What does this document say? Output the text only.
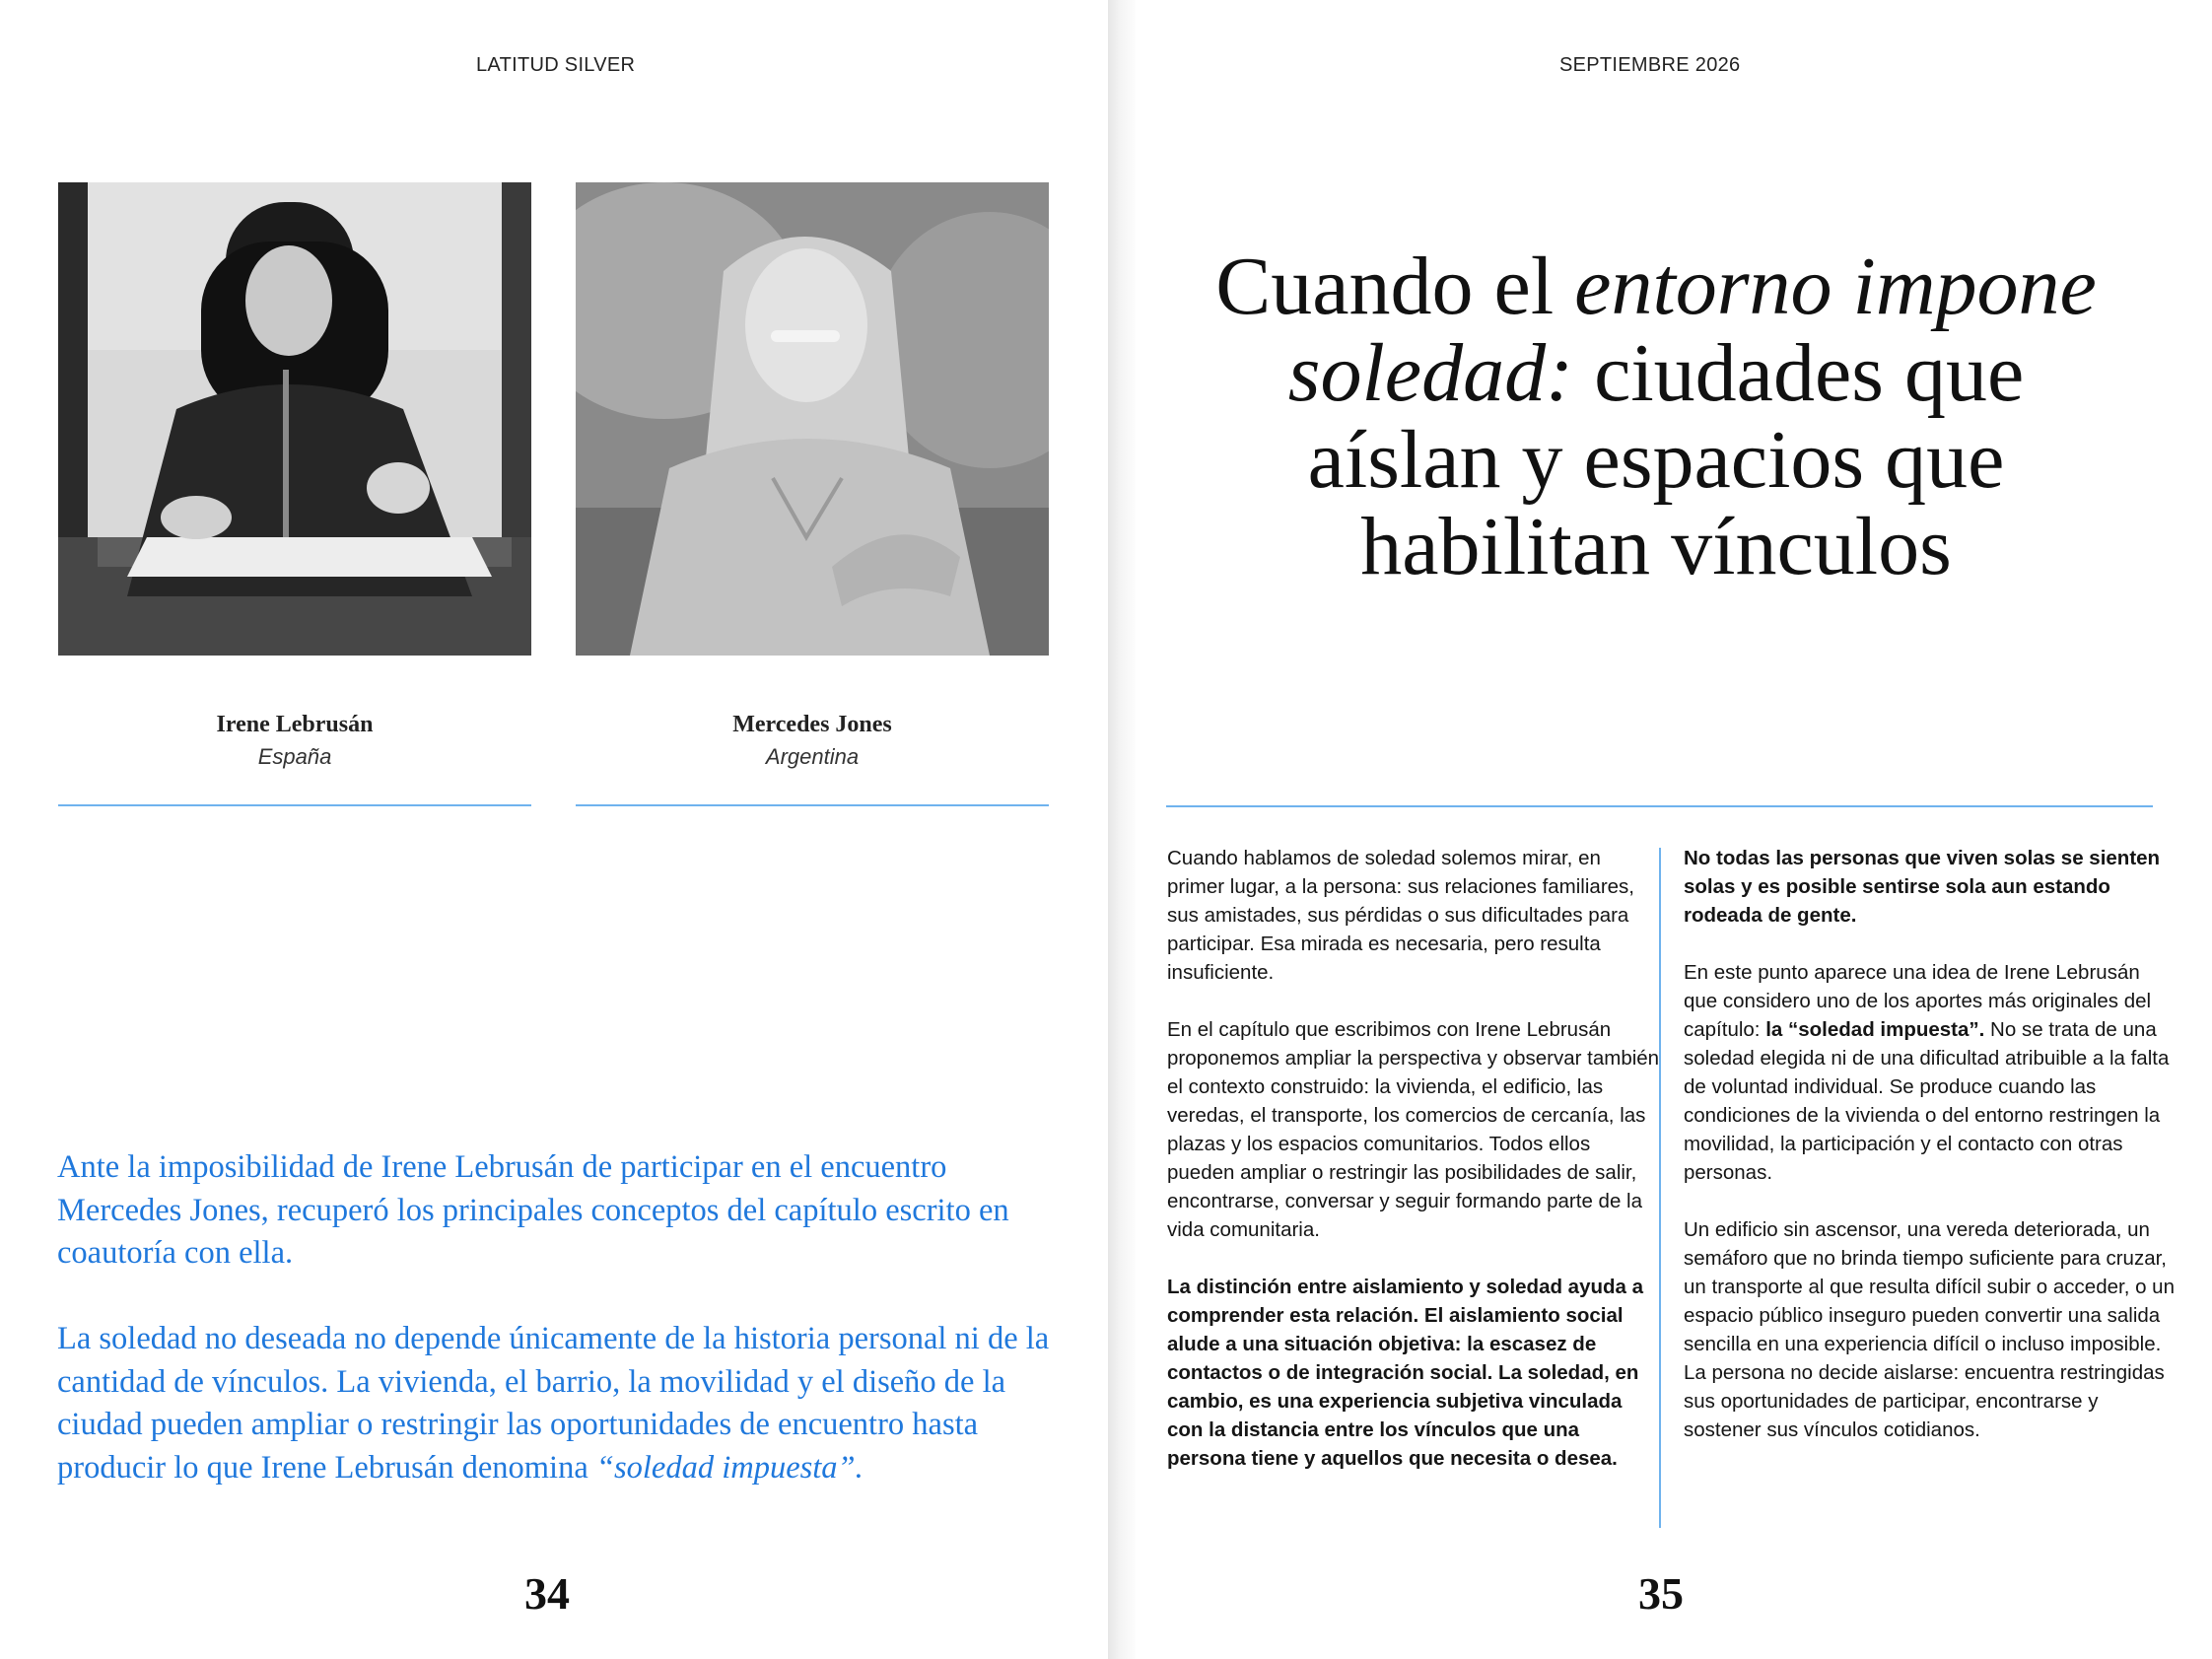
LATITUD SILVER
Irene Lebrusán
España
Mercedes Jones
Argentina

Ante la imposibilidad de Irene Lebrusán de participar en el encuentro Mercedes Jones, recuperó los principales conceptos del capítulo escrito en coautoría con ella.

La soledad no deseada no depende únicamente de la historia personal ni de la cantidad de vínculos. La vivienda, el barrio, la movilidad y el diseño de la ciudad pueden ampliar o restringir las oportunidades de encuentro hasta producir lo que Irene Lebrusán denomina “soledad impuesta”.

34
SEPTIEMBRE 2026
Cuando el entorno impone soledad: ciudades que aíslan y espacios que habilitan vínculos

Cuando hablamos de soledad solemos mirar, en primer lugar, a la persona: sus relaciones familiares, sus amistades, sus pérdidas o sus dificultades para participar. Esa mirada es necesaria, pero resulta insuficiente.

En el capítulo que escribimos con Irene Lebrusán proponemos ampliar la perspectiva y observar también el contexto construido: la vivienda, el edificio, las veredas, el transporte, los comercios de cercanía, las plazas y los espacios comunitarios. Todos ellos pueden ampliar o restringir las posibilidades de salir, encontrarse, conversar y seguir formando parte de la vida comunitaria.

La distinción entre aislamiento y soledad ayuda a comprender esta relación. El aislamiento social alude a una situación objetiva: la escasez de contactos o de integración social. La soledad, en cambio, es una experiencia subjetiva vinculada con la distancia entre los vínculos que una persona tiene y aquellos que necesita o desea.

No todas las personas que viven solas se sienten solas y es posible sentirse sola aun estando rodeada de gente.

En este punto aparece una idea de Irene Lebrusán que considero uno de los aportes más originales del capítulo: la “soledad impuesta”. No se trata de una soledad elegida ni de una dificultad atribuible a la falta de voluntad individual. Se produce cuando las condiciones de la vivienda o del entorno restringen la movilidad, la participación y el contacto con otras personas.

Un edificio sin ascensor, una vereda deteriorada, un semáforo que no brinda tiempo suficiente para cruzar, un transporte al que resulta difícil subir o acceder, o un espacio público inseguro pueden convertir una salida sencilla en una experiencia difícil o incluso imposible. La persona no decide aislarse: encuentra restringidas sus oportunidades de participar, encontrarse y sostener sus vínculos cotidianos.

35
